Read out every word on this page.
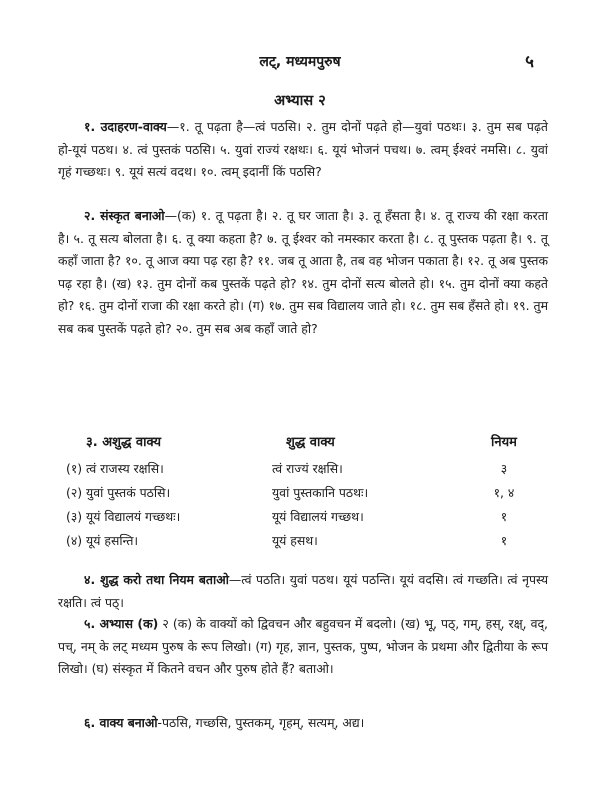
लट्, मध्यमपुरुष	५
अभ्यास २

१. उदाहरण-वाक्य—१. तू पढ़ता है—त्वं पठसि। २. तुम दोनों पढ़ते हो—युवां पठथः। ३. तुम सब पढ़ते हो-यूयं पठथ। ४. त्वं पुस्तकं पठसि। ५. युवां राज्यं रक्षथः। ६. यूयं भोजनं पचथ। ७. त्वम् ईश्वरं नमसि। ८. युवां गृहं गच्छथः। ९. यूयं सत्यं वदथ। १०. त्वम् इदानीं किं पठसि?

२. संस्कृत बनाओ—(क) १. तू पढ़ता है। २. तू घर जाता है। ३. तू हँसता है। ४. तू राज्य की रक्षा करता है। ५. तू सत्य बोलता है। ६. तू क्या कहता है? ७. तू ईश्वर को नमस्कार करता है। ८. तू पुस्तक पढ़ता है। ९. तू कहाँ जाता है? १०. तू आज क्या पढ़ रहा है? ११. जब तू आता है, तब वह भोजन पकाता है। १२. तू अब पुस्तक पढ़ रहा है। (ख) १३. तुम दोनों कब पुस्तकें पढ़ते हो? १४. तुम दोनों सत्य बोलते हो। १५. तुम दोनों क्या कहते हो? १६. तुम दोनों राजा की रक्षा करते हो। (ग) १७. तुम सब विद्यालय जाते हो। १८. तुम सब हँसते हो। १९. तुम सब कब पुस्तकें पढ़ते हो? २०. तुम सब अब कहाँ जाते हो?

३. अशुद्ध वाक्य	शुद्ध वाक्य	नियम
(१) त्वं राजस्य रक्षसि।	त्वं राज्यं रक्षसि।	३
(२) युवां पुस्तकं पठसि।	युवां पुस्तकानि पठथः।	१, ४
(३) यूयं विद्यालयं गच्छथः।	यूयं विद्यालयं गच्छथ।	१
(४) यूयं हसन्ति।	यूयं हसथ।	१

४. शुद्ध करो तथा नियम बताओ—त्वं पठति। युवां पठथ। यूयं पठन्ति। यूयं वदसि। त्वं गच्छति। त्वं नृपस्य रक्षति। त्वं पठ्।

५. अभ्यास (क) २ (क) के वाक्यों को द्विवचन और बहुवचन में बदलो। (ख) भू, पठ्, गम्, हस्, रक्ष्, वद्, पच्, नम् के लट् मध्यम पुरुष के रूप लिखो। (ग) गृह, ज्ञान, पुस्तक, पुष्प, भोजन के प्रथमा और द्वितीया के रूप लिखो। (घ) संस्कृत में कितने वचन और पुरुष होते हैं? बताओ।

६. वाक्य बनाओ-पठसि, गच्छसि, पुस्तकम्, गृहम्, सत्यम्, अद्य।
